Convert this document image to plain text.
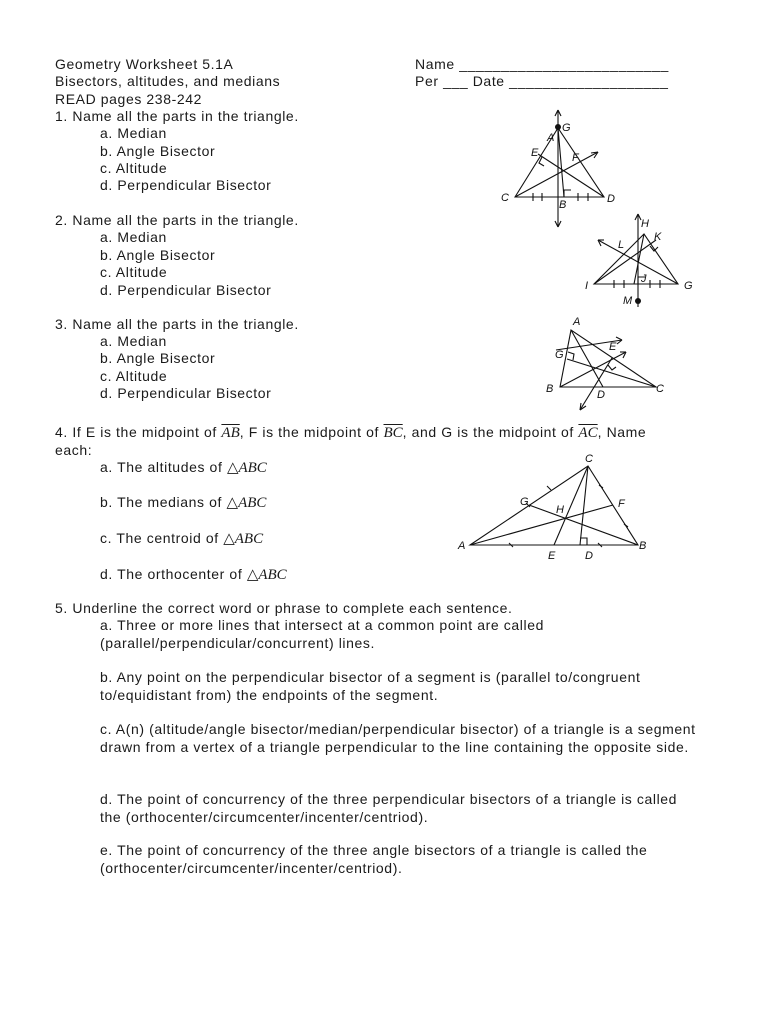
Geometry Worksheet 5.1A
Bisectors, altitudes, and medians
READ pages 238-242
Name _________________________
Per ___ Date ___________________
1. Name all the parts in the triangle.
a. Median
b. Angle Bisector
c. Altitude
d. Perpendicular Bisector
2. Name all the parts in the triangle.
a. Median
b. Angle Bisector
c. Altitude
d. Perpendicular Bisector
3. Name all the parts in the triangle.
a. Median
b. Angle Bisector
c. Altitude
d. Perpendicular Bisector
4. If E is the midpoint of $\overline{AB}$, F is the midpoint of $\overline{BC}$, and G is the midpoint of $\overline{AC}$, Name
each:
a. The altitudes of △ABC
b. The medians of △ABC
c. The centroid of △ABC
d. The orthocenter of △ABC
5. Underline the correct word or phrase to complete each sentence.
a. Three or more lines that intersect at a common point are called (parallel/perpendicular/concurrent) lines.
b. Any point on the perpendicular bisector of a segment is (parallel to/congruent to/equidistant from) the endpoints of the segment.
c. A(n) (altitude/angle bisector/median/perpendicular bisector) of a triangle is a segment drawn from a vertex of a triangle perpendicular to the line containing the opposite side.
d. The point of concurrency of the three perpendicular bisectors of a triangle is called the (orthocenter/circumcenter/incenter/centriod).
e. The point of concurrency of the three angle bisectors of a triangle is called the (orthocenter/circumcenter/incenter/centriod).
A
G
E	F
C
B	D
H
K
L
I
J
G
M
A
G
E
B	C
D
C
G	F
H
A
E	D
B
